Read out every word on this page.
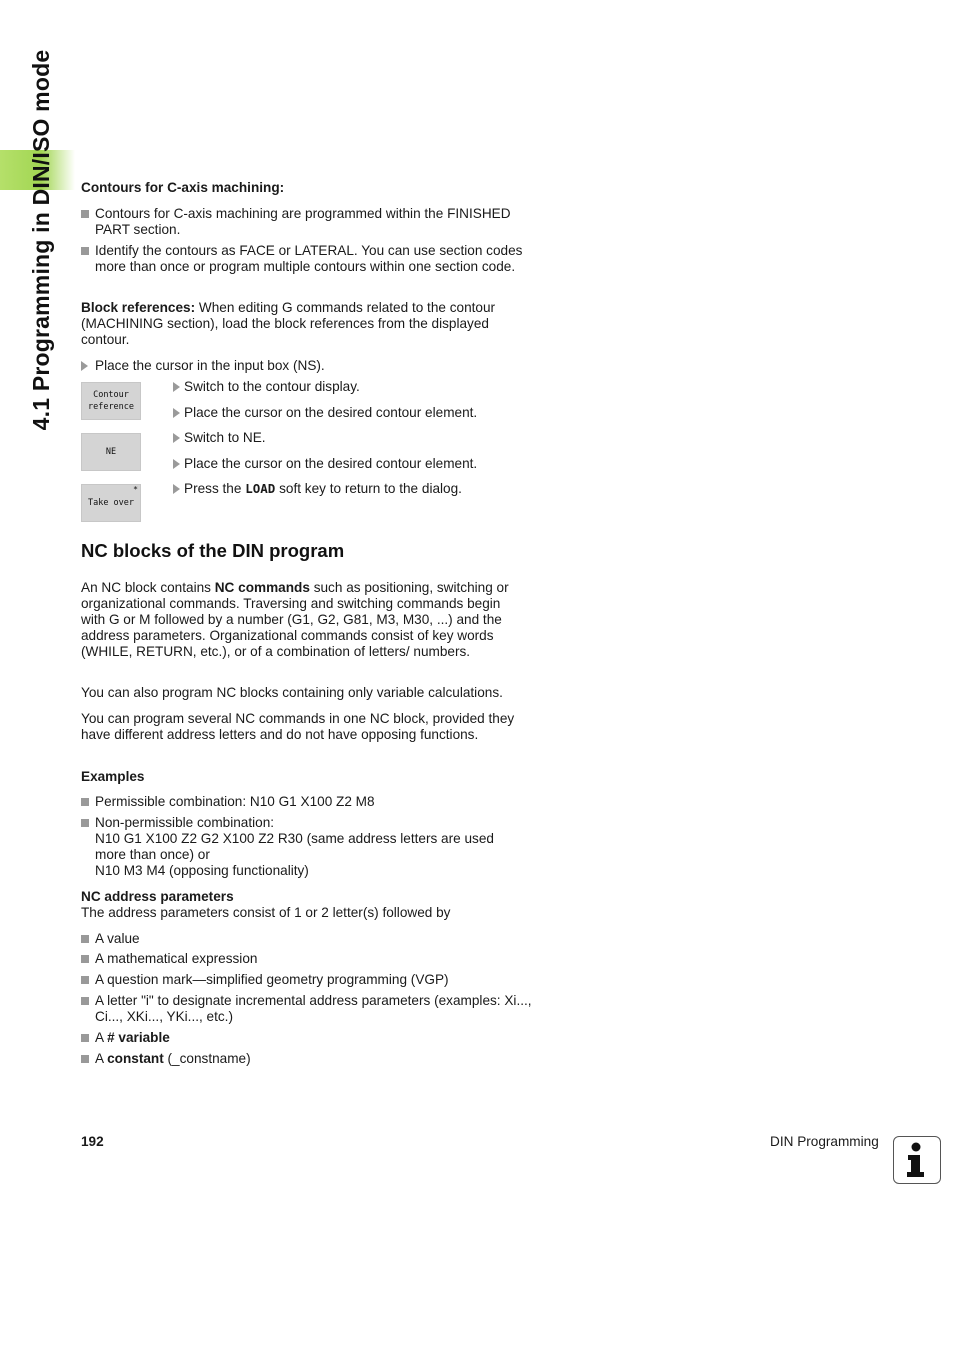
4.1 Programming in DIN/ISO mode Contours for C-axis machining:
Contours for C-axis machining are programmed within the FINISHED PART section.
Identify the contours as FACE or LATERAL. You can use section codes more than once or program multiple contours within one section code.
Block references: When editing G commands related to the contour (MACHINING section), load the block references from the displayed contour.
Place the cursor in the input box (NS).
Contour
reference
NE
*
Take over
Switch to the contour display.
Place the cursor on the desired contour element.
Switch to NE.
Place the cursor on the desired contour element.
Press the LOAD soft key to return to the dialog.
NC blocks of the DIN program
An NC block contains NC commands such as positioning, switching or organizational commands. Traversing and switching commands begin with G or M followed by a number (G1, G2, G81, M3, M30, ...) and the address parameters. Organizational commands consist of key words (WHILE, RETURN, etc.), or of a combination of letters/ numbers.
You can also program NC blocks containing only variable calculations.
You can program several NC commands in one NC block, provided they have different address letters and do not have opposing functions.
Examples
Permissible combination: N10 G1 X100 Z2 M8
Non-permissible combination:
N10 G1 X100 Z2 G2 X100 Z2 R30 (same address letters are used more than once) or
N10 M3 M4 (opposing functionality)
NC address parameters
The address parameters consist of 1 or 2 letter(s) followed by
A value
A mathematical expression
A question mark—simplified geometry programming (VGP)
A letter "i" to designate incremental address parameters (examples: Xi..., Ci..., XKi..., YKi..., etc.)
A # variable
A constant (_constname)
192	DIN Programming
